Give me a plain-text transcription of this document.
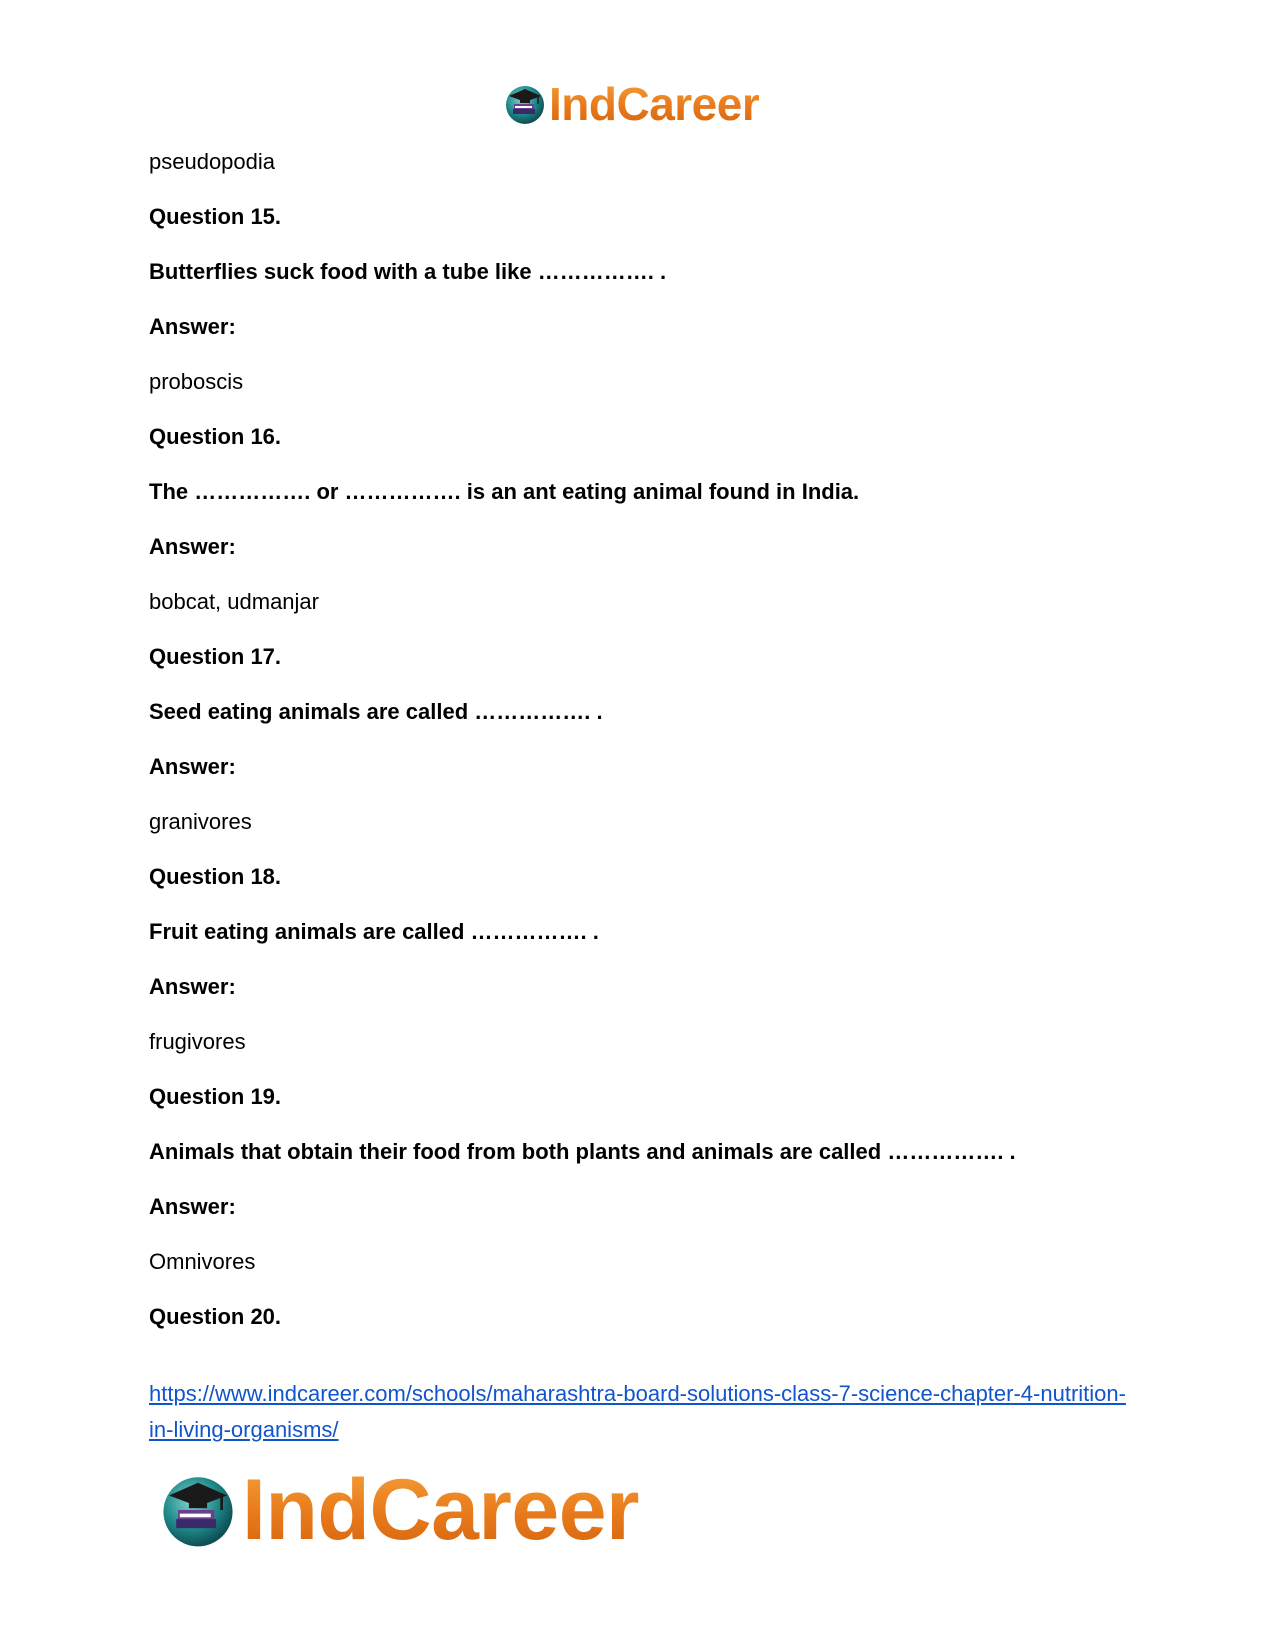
IndCareer
pseudopodia
Question 15.
Butterflies suck food with a tube like ……………. .
Answer:
proboscis
Question 16.
The ……………. or ……………. is an ant eating animal found in India.
Answer:
bobcat, udmanjar
Question 17.
Seed eating animals are called ……………. .
Answer:
granivores
Question 18.
Fruit eating animals are called ……………. .
Answer:
frugivores
Question 19.
Animals that obtain their food from both plants and animals are called ……………. .
Answer:
Omnivores
Question 20.
https://www.indcareer.com/schools/maharashtra-board-solutions-class-7-science-chapter-4-nutrition-in-living-organisms/
IndCareer
